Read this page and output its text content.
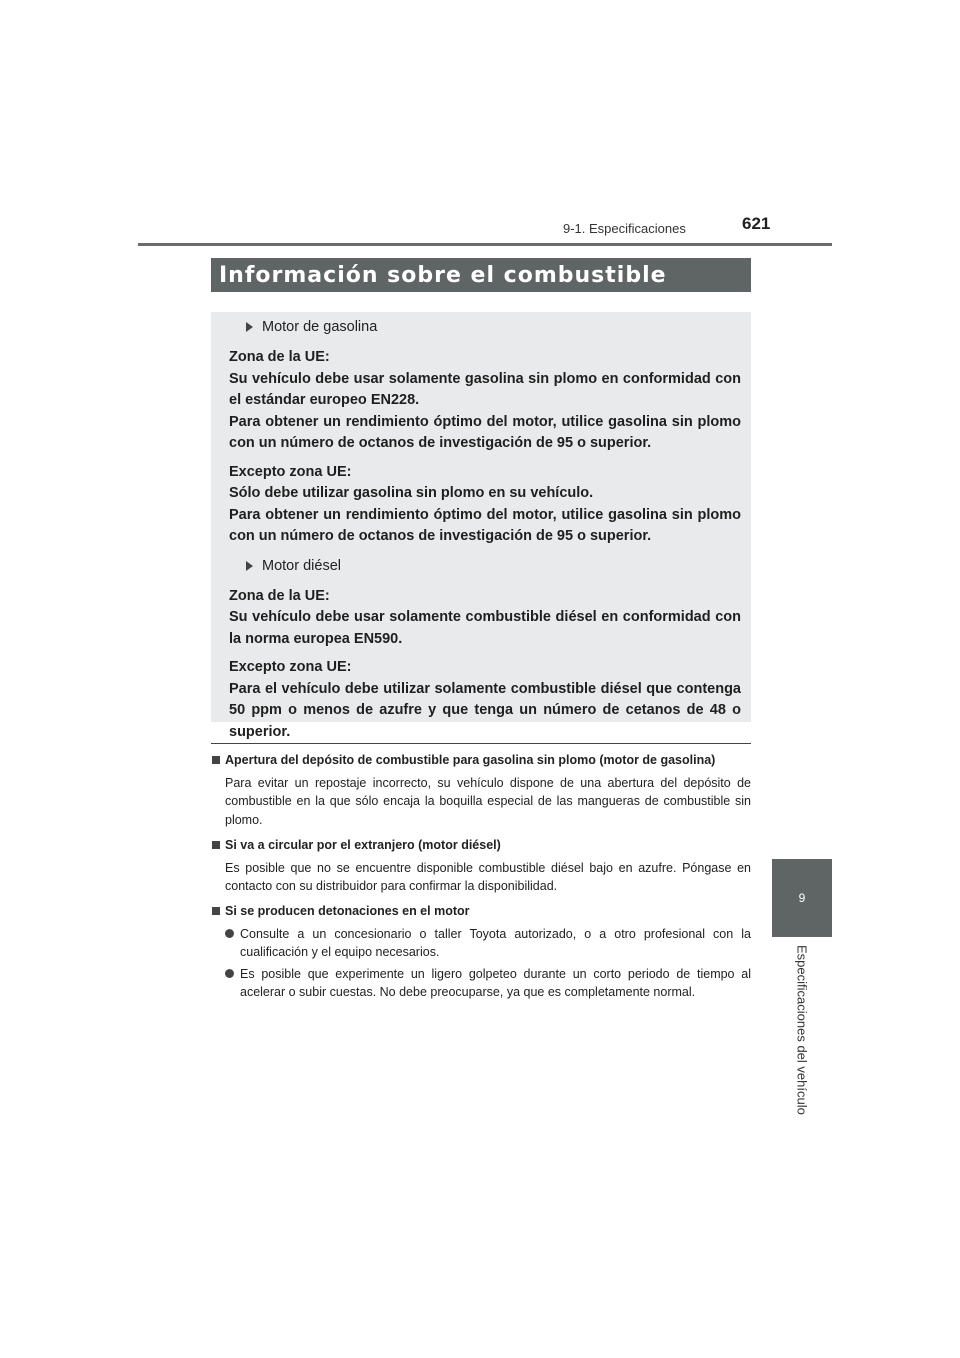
9-1. Especificaciones	621
9
Especificaciones del vehículo
Información sobre el combustible
Motor de gasolina

Zona de la UE:

Su vehículo debe usar solamente gasolina sin plomo en conformidad con el estándar europeo EN228.

Para obtener un rendimiento óptimo del motor, utilice gasolina sin plomo con un número de octanos de investigación de 95 o superior.

Excepto zona UE:

Sólo debe utilizar gasolina sin plomo en su vehículo.

Para obtener un rendimiento óptimo del motor, utilice gasolina sin plomo con un número de octanos de investigación de 95 o superior.

Motor diésel

Zona de la UE:

Su vehículo debe usar solamente combustible diésel en conformidad con la norma europea EN590.

Excepto zona UE:

Para el vehículo debe utilizar solamente combustible diésel que contenga 50 ppm o menos de azufre y que tenga un número de cetanos de 48 o superior.

Apertura del depósito de combustible para gasolina sin plomo (motor de gasolina)

Para evitar un repostaje incorrecto, su vehículo dispone de una abertura del depósito de combustible en la que sólo encaja la boquilla especial de las mangueras de combustible sin plomo.

Si va a circular por el extranjero (motor diésel)

Es posible que no se encuentre disponible combustible diésel bajo en azufre. Póngase en contacto con su distribuidor para confirmar la disponibilidad.

Si se producen detonaciones en el motor
Consulte a un concesionario o taller Toyota autorizado, o a otro profesional con la cualificación y el equipo necesarios.
Es posible que experimente un ligero golpeteo durante un corto periodo de tiempo al acelerar o subir cuestas. No debe preocuparse, ya que es completamente normal.
